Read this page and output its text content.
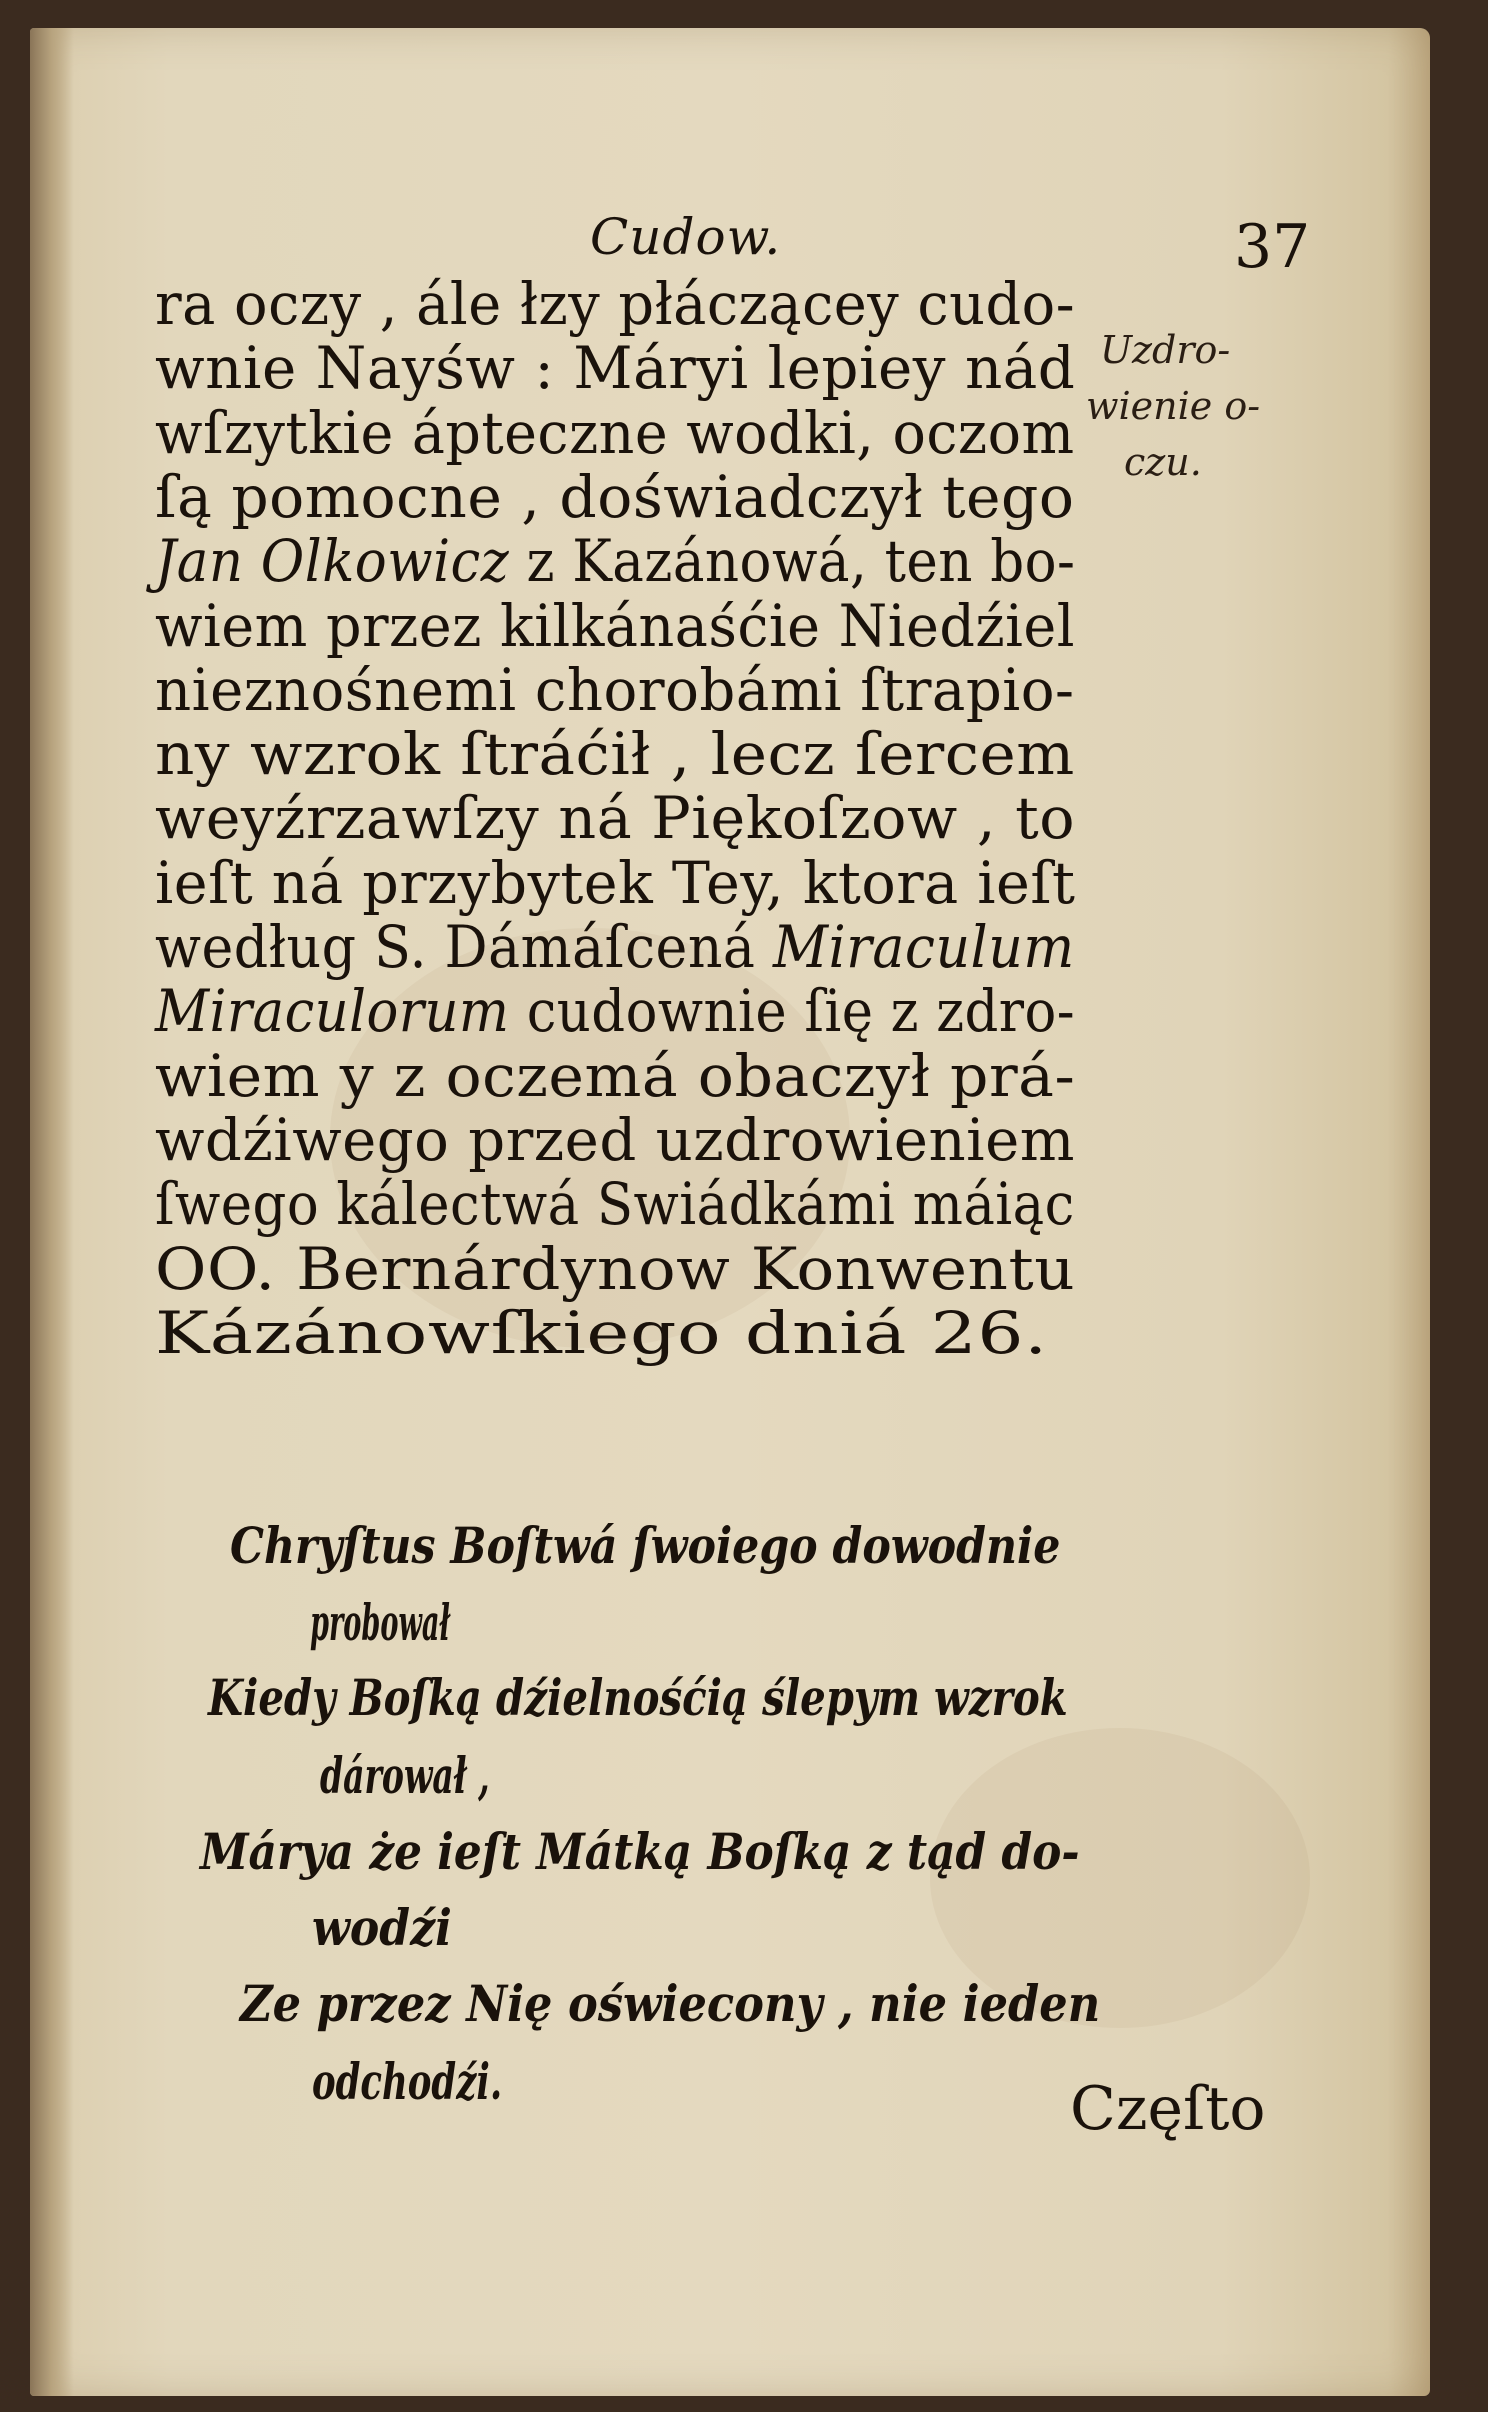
Cudow.	37
ra oczy , ále łzy płáczącey cudo-
wnie Nayśw : Máryi lepiey nád
wſzytkie ápteczne wodki, oczom
ſą pomocne , doświadczył tego
Jan Olkowicz z Kazánowá, ten bo-
wiem przez kilkánaśćie Niedźiel
nieznośnemi chorobámi ſtrapio-
ny wzrok ſtráćił , lecz ſercem
weyźrzawſzy ná Piękoſzow , to
ieſt ná przybytek Tey, ktora ieſt
według S. Dámáſcená Miraculum
Miraculorum cudownie ſię z zdro-
wiem y z oczemá obaczył prá-
wdźiwego przed uzdrowieniem
ſwego kálectwá Swiádkámi máiąc
OO. Bernárdynow Konwentu
Kázánowſkiego dniá 26.
Uzdro-
wienie o-
czu.
Chryſtus Boſtwá ſwoiego dowodnie
probował
Kiedy Boſką dźielnośćią ślepym wzrok
dárował ,
Márya że ieſt Mátką Boſką z tąd do-
wodźi
Ze przez Nię oświecony , nie ieden
odchodźi.	Częſto
